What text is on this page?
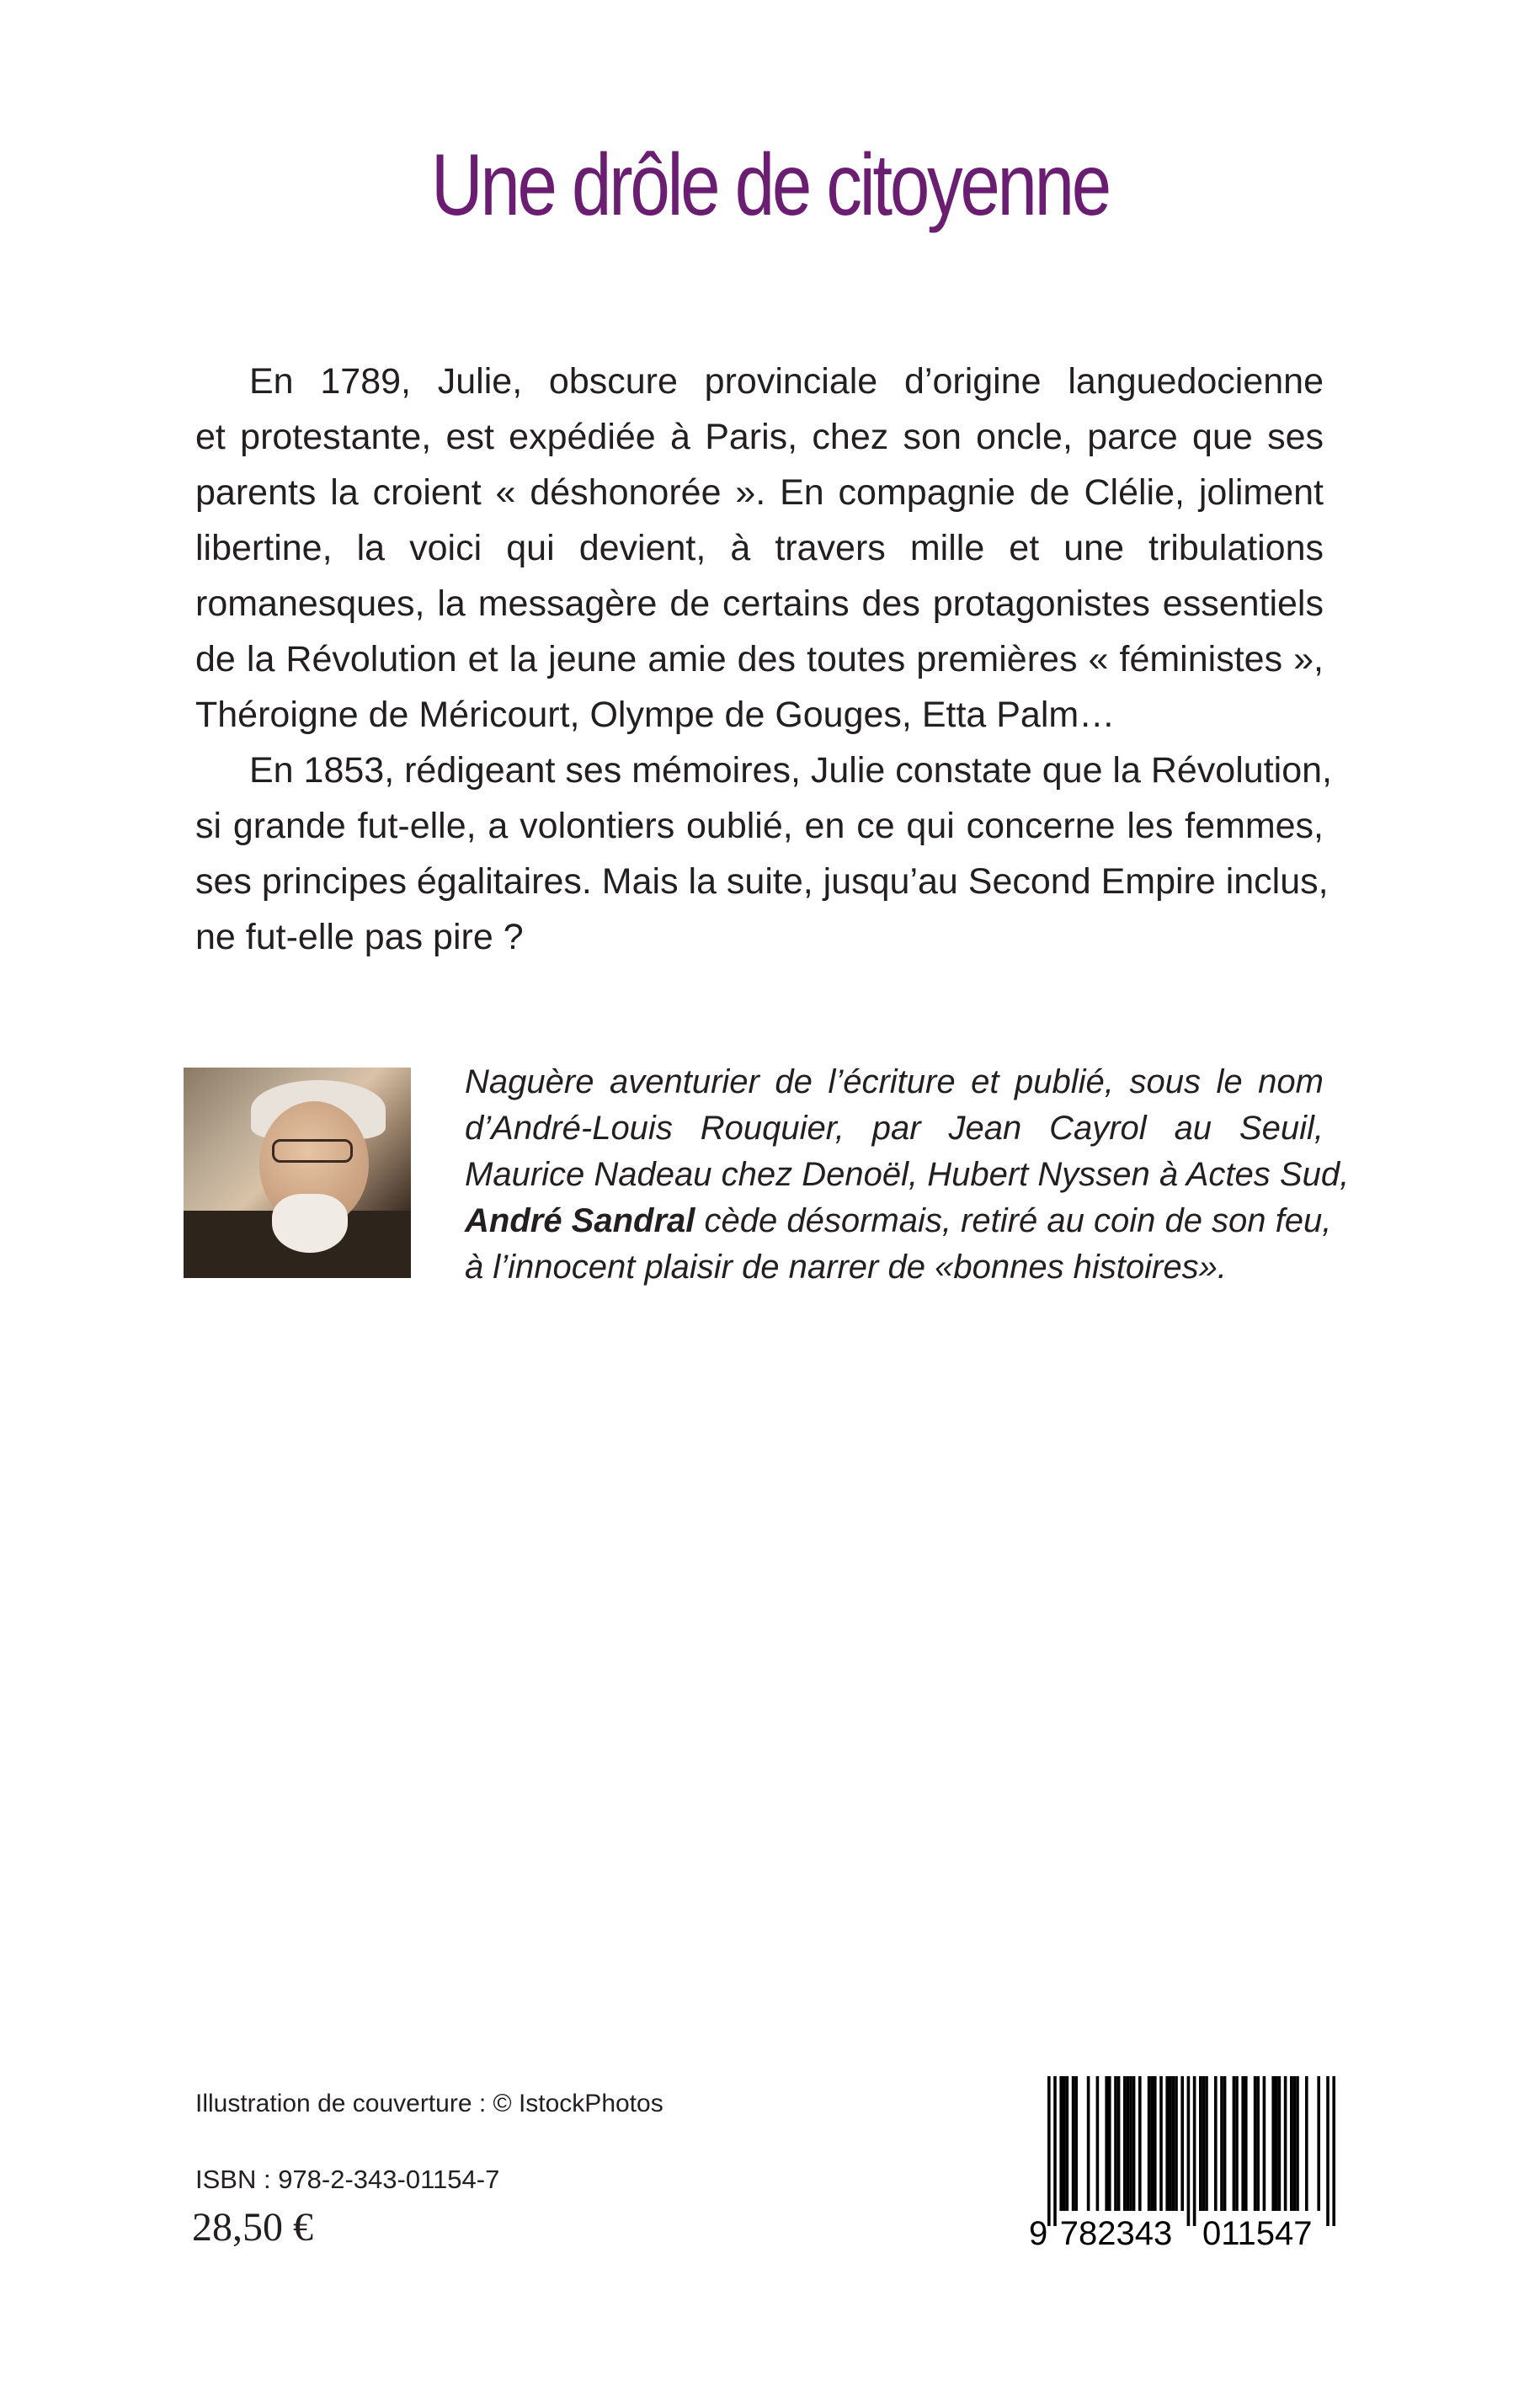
Une drôle de citoyenne
En 1789, Julie, obscure provinciale d’origine languedocienne
et protestante, est expédiée à Paris, chez son oncle, parce que ses
parents la croient « déshonorée ». En compagnie de Clélie, joliment
libertine, la voici qui devient, à travers mille et une tribulations
romanesques, la messagère de certains des protagonistes essentiels
de la Révolution et la jeune amie des toutes premières « féministes »,
Théroigne de Méricourt, Olympe de Gouges, Etta Palm…
En 1853, rédigeant ses mémoires, Julie constate que la Révolution,
si grande fut-elle, a volontiers oublié, en ce qui concerne les femmes,
ses principes égalitaires. Mais la suite, jusqu’au Second Empire inclus,
ne fut-elle pas pire ?
Naguère aventurier de l’écriture et publié, sous le nom
d’André-Louis Rouquier, par Jean Cayrol au Seuil,
Maurice Nadeau chez Denoël, Hubert Nyssen à Actes Sud,
André Sandral cède désormais, retiré au coin de son feu,
à l’innocent plaisir de narrer de «bonnes histoires».
Illustration de couverture : © IstockPhotos
ISBN : 978-2-343-01154-7
28,50 €	9 782343 011547
